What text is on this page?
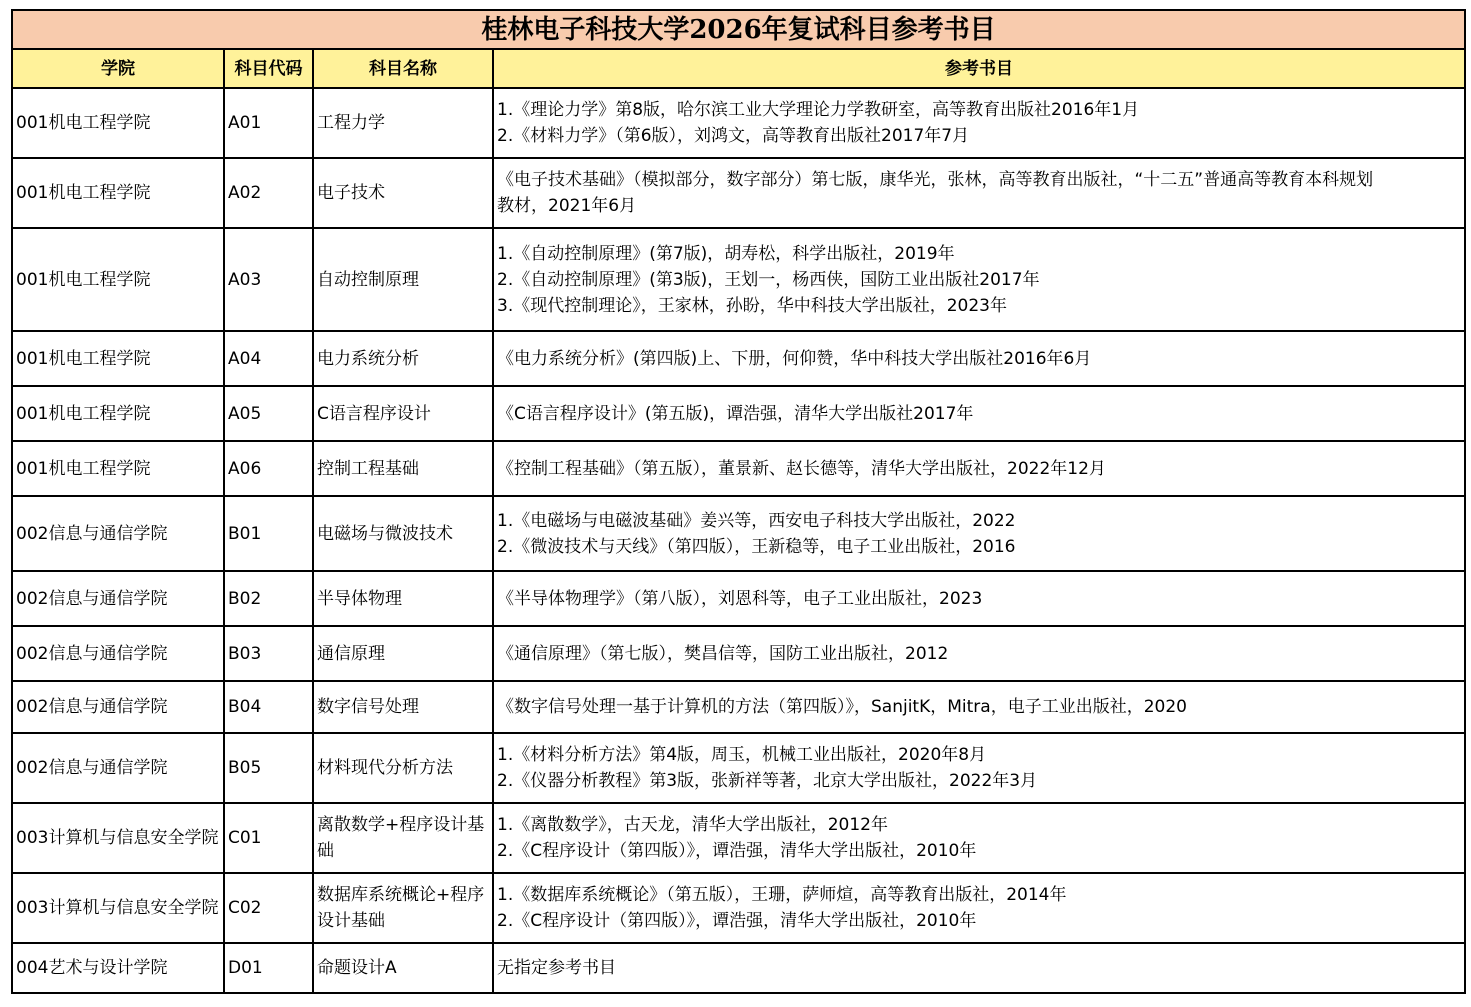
桂林电子科技大学2026年复试科目参考书目			
学院	科目代码	科目名称	参考书目
001机电工程学院	A01	工程力学	1.《理论力学》第8版，哈尔滨工业大学理论力学教研室，高等教育出版社2016年1月
2.《材料力学》（第6版），刘鸿文，高等教育出版社2017年7月

001机电工程学院	A02	电子技术	《电子技术基础》（模拟部分，数字部分）第七版，康华光，张林，高等教育出版社，“十二五”普通高等教育本科规划
教材，2021年6月

001机电工程学院	A03	自动控制原理	1.《自动控制原理》(第7版)，胡寿松，科学出版社，2019年
2.《自动控制原理》(第3版)，王划一，杨西侠，国防工业出版社2017年
3.《现代控制理论》，王家林，孙盼，华中科技大学出版社，2023年

001机电工程学院	A04	电力系统分析	《电力系统分析》(第四版)上、下册，何仰赞，华中科技大学出版社2016年6月

001机电工程学院	A05	C语言程序设计	《C语言程序设计》(第五版)，谭浩强，清华大学出版社2017年

001机电工程学院	A06	控制工程基础	《控制工程基础》（第五版），董景新、赵长德等，清华大学出版社，2022年12月

002信息与通信学院	B01	电磁场与微波技术	1.《电磁场与电磁波基础》姜兴等，西安电子科技大学出版社，2022
2.《微波技术与天线》（第四版），王新稳等，电子工业出版社，2016

002信息与通信学院	B02	半导体物理	《半导体物理学》（第八版），刘恩科等，电子工业出版社，2023

002信息与通信学院	B03	通信原理	《通信原理》（第七版），樊昌信等，国防工业出版社，2012

002信息与通信学院	B04	数字信号处理	《数字信号处理一基于计算机的方法（第四版）》，SanjitK，Mitra，电子工业出版社，2020

002信息与通信学院	B05	材料现代分析方法	1.《材料分析方法》第4版，周玉，机械工业出版社，2020年8月
2.《仪器分析教程》第3版，张新祥等著，北京大学出版社，2022年3月

003计算机与信息安全学院	C01	离散数学+程序设计基础	1.《离散数学》，古天龙，清华大学出版社，2012年
2.《C程序设计（第四版）》，谭浩强，清华大学出版社，2010年

003计算机与信息安全学院	C02	数据库系统概论+程序设计基础	1.《数据库系统概论》（第五版），王珊，萨师煊，高等教育出版社，2014年
2.《C程序设计（第四版）》，谭浩强，清华大学出版社，2010年

004艺术与设计学院	D01	命题设计A	无指定参考书目
